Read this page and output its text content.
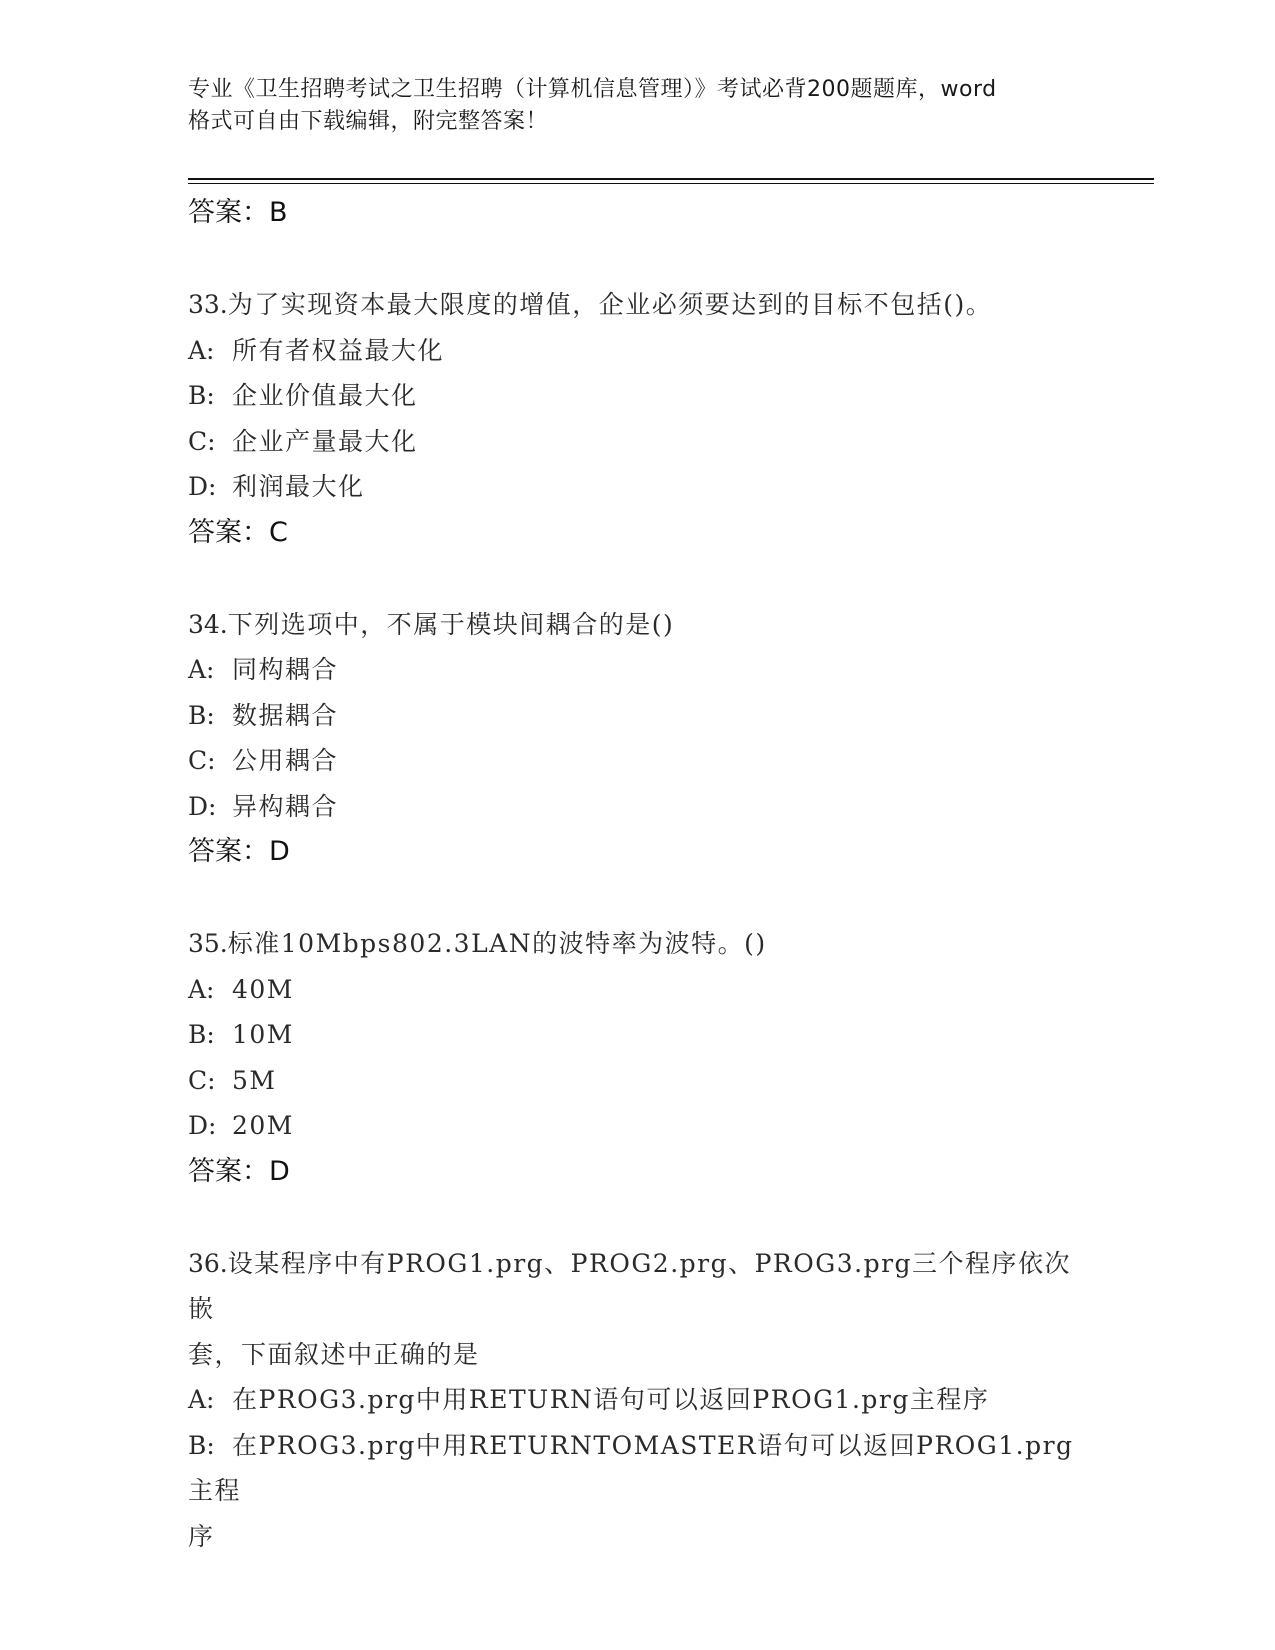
专业《卫生招聘考试之卫生招聘（计算机信息管理）》考试必背200题题库，word
格式可自由下载编辑，附完整答案！

答案：B

33.为了实现资本最大限度的增值，企业必须要达到的目标不包括()。

A: 所有者权益最大化

B: 企业价值最大化

C: 企业产量最大化

D: 利润最大化

答案：C

34.下列选项中，不属于模块间耦合的是()

A: 同构耦合

B: 数据耦合

C: 公用耦合

D: 异构耦合

答案：D

35.标准10Mbps802.3LAN的波特率为波特。()

A: 40M

B: 10M

C: 5M

D: 20M

答案：D

36.设某程序中有PROG1.prg、PROG2.prg、PROG3.prg三个程序依次嵌

套，下面叙述中正确的是

A: 在PROG3.prg中用RETURN语句可以返回PROG1.prg主程序

B: 在PROG3.prg中用RETURNTOMASTER语句可以返回PROG1.prg主程

序
